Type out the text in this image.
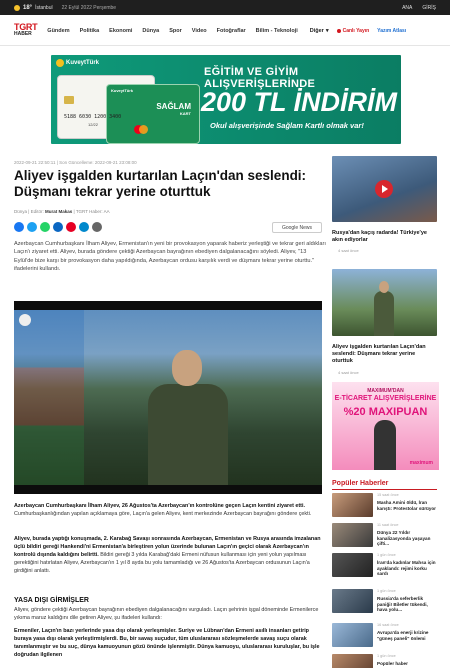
18° İstanbul 22 Eylül 2022 Perşembe	ANA GİRİŞ
TGRT
HABER	Gündem Politika Ekonomi Dünya Spor Video Fotoğraflar Bilim - Teknoloji Diğer ▾	Canlı Yayın Yazım Atlası
KuveytTürk
KuveytTürk
SAĞLAM
KART
5188 6030 1200 3400
12/22
EĞİTİM VE GİYİM ALIŞVERİŞLERİNDE
200 TL İNDİRİM
Okul alışverişinde Sağlam Kartlı olmak var!
2022-09-21 22:50:11 | Son Güncelleme: 2022-09-21 23:08:00
Aliyev işgalden kurtarılan Laçın'dan seslendi: Düşmanı tekrar yerine oturttuk
Dünya | Editör: Murat Makas | TGRT Haber: AA
Google News

Azerbaycan Cumhurbaşkanı İlham Aliyev, Ermenistan'ın yeni bir provokasyon yaparak haberiz yerleştiği ve tekrar geri aldıkları Laçın'ı ziyaret etti. Aliyev, burada göndere çektiği Azerbaycan bayrağının ebediyen dalgalanacağını söyledi. Aliyev, "13 Eylül'de bize karşı bir provokasyon daha yapıldığında, Azerbaycan ordusu karşılık verdi ve düşmanı tekrar yerine oturttu." ifadelerini kullandı.

Azerbaycan Cumhurbaşkanı İlham Aliyev, 26 Ağustos'ta Azerbaycan'ın kontrolüne geçen Laçın kentini ziyaret etti. Cumhurbaşkanlığından yapılan açıklamaya göre, Laçın'a gelen Aliyev, kent merkezinde Azerbaycan bayrağını göndere çekti.

Aliyev, burada yaptığı konuşmada, 2. Karabağ Savaşı sonrasında Azerbaycan, Ermenistan ve Rusya arasında imzalanan üçlü bildiri gereği Hankendi'ni Ermenistan'a birleştiren yolun üzerinde bulunan Laçın'ın geçici olarak Azerbaycan'ın kontrolü dışında kaldığını belirtti. Bildiri gereği 3 yılda Karabağ'daki Ermeni nüfusun kullanması için yeni yolun yapılması gerektiğini hatırlatan Aliyev, Azerbaycan'ın 1 yıl 8 ayda bu yolu tamamladığı ve 26 Ağustos'ta Azerbaycan ordusunun Laçın'a girdiğini anlattı.

YASA DIŞI GİRMİŞLER

Aliyev, göndere çektiği Azerbaycan bayrağının ebediyen dalgalanacağını vurguladı. Laçın şehrinin işgal döneminde Ermenilerce yıkıma maruz kaldığını dile getiren Aliyev, şu ifadeleri kullandı:

Ermeniler, Laçın'ın bazı yerlerinde yasa dışı olarak yerleşmişler. Suriye ve Lübnan'dan Ermeni asıllı insanları getirip buraya yasa dışı olarak yerleştirmişlerdi. Bu, bir savaş suçudur, tüm uluslararası sözleşmelerde savaş suçu olarak tanımlanmıştır ve bu suç, dünya kamuoyunun gözü önünde işlenmiştir. Dünya kamuoyu, uluslararası kuruluşlar, bu işle doğrudan ilgilenen

Rusya'dan kaçış radarda! Türkiye'ye akın ediyorlar
4 saat önce
Aliyev işgalden kurtarılan Laçın'dan seslendi: Düşmanı tekrar yerine oturttuk
4 saat önce
MAXIMUM'DAN
E-TİCARET ALIŞVERİŞLERİNE
%20 MAXIPUAN
maximum
Popüler Haberler
15 saat önce
Masha Amini öldü, İran karıştı: Protestolar sürüyor
11 saat önce
Dünya 22 Yıldır kanalizasyonda yaşayan çifti...
1 gün önce
İran'da kadınlar Mahsa için ayaklandı: rejimi korku sardı
1 gün önce
Russia'da seferberlik paniği! Biletler tükendi, hava yolu...
16 saat önce
Avrupa'da enerji krizine "güneş paneli" önlemi
1 gün önce
Popüler haber
